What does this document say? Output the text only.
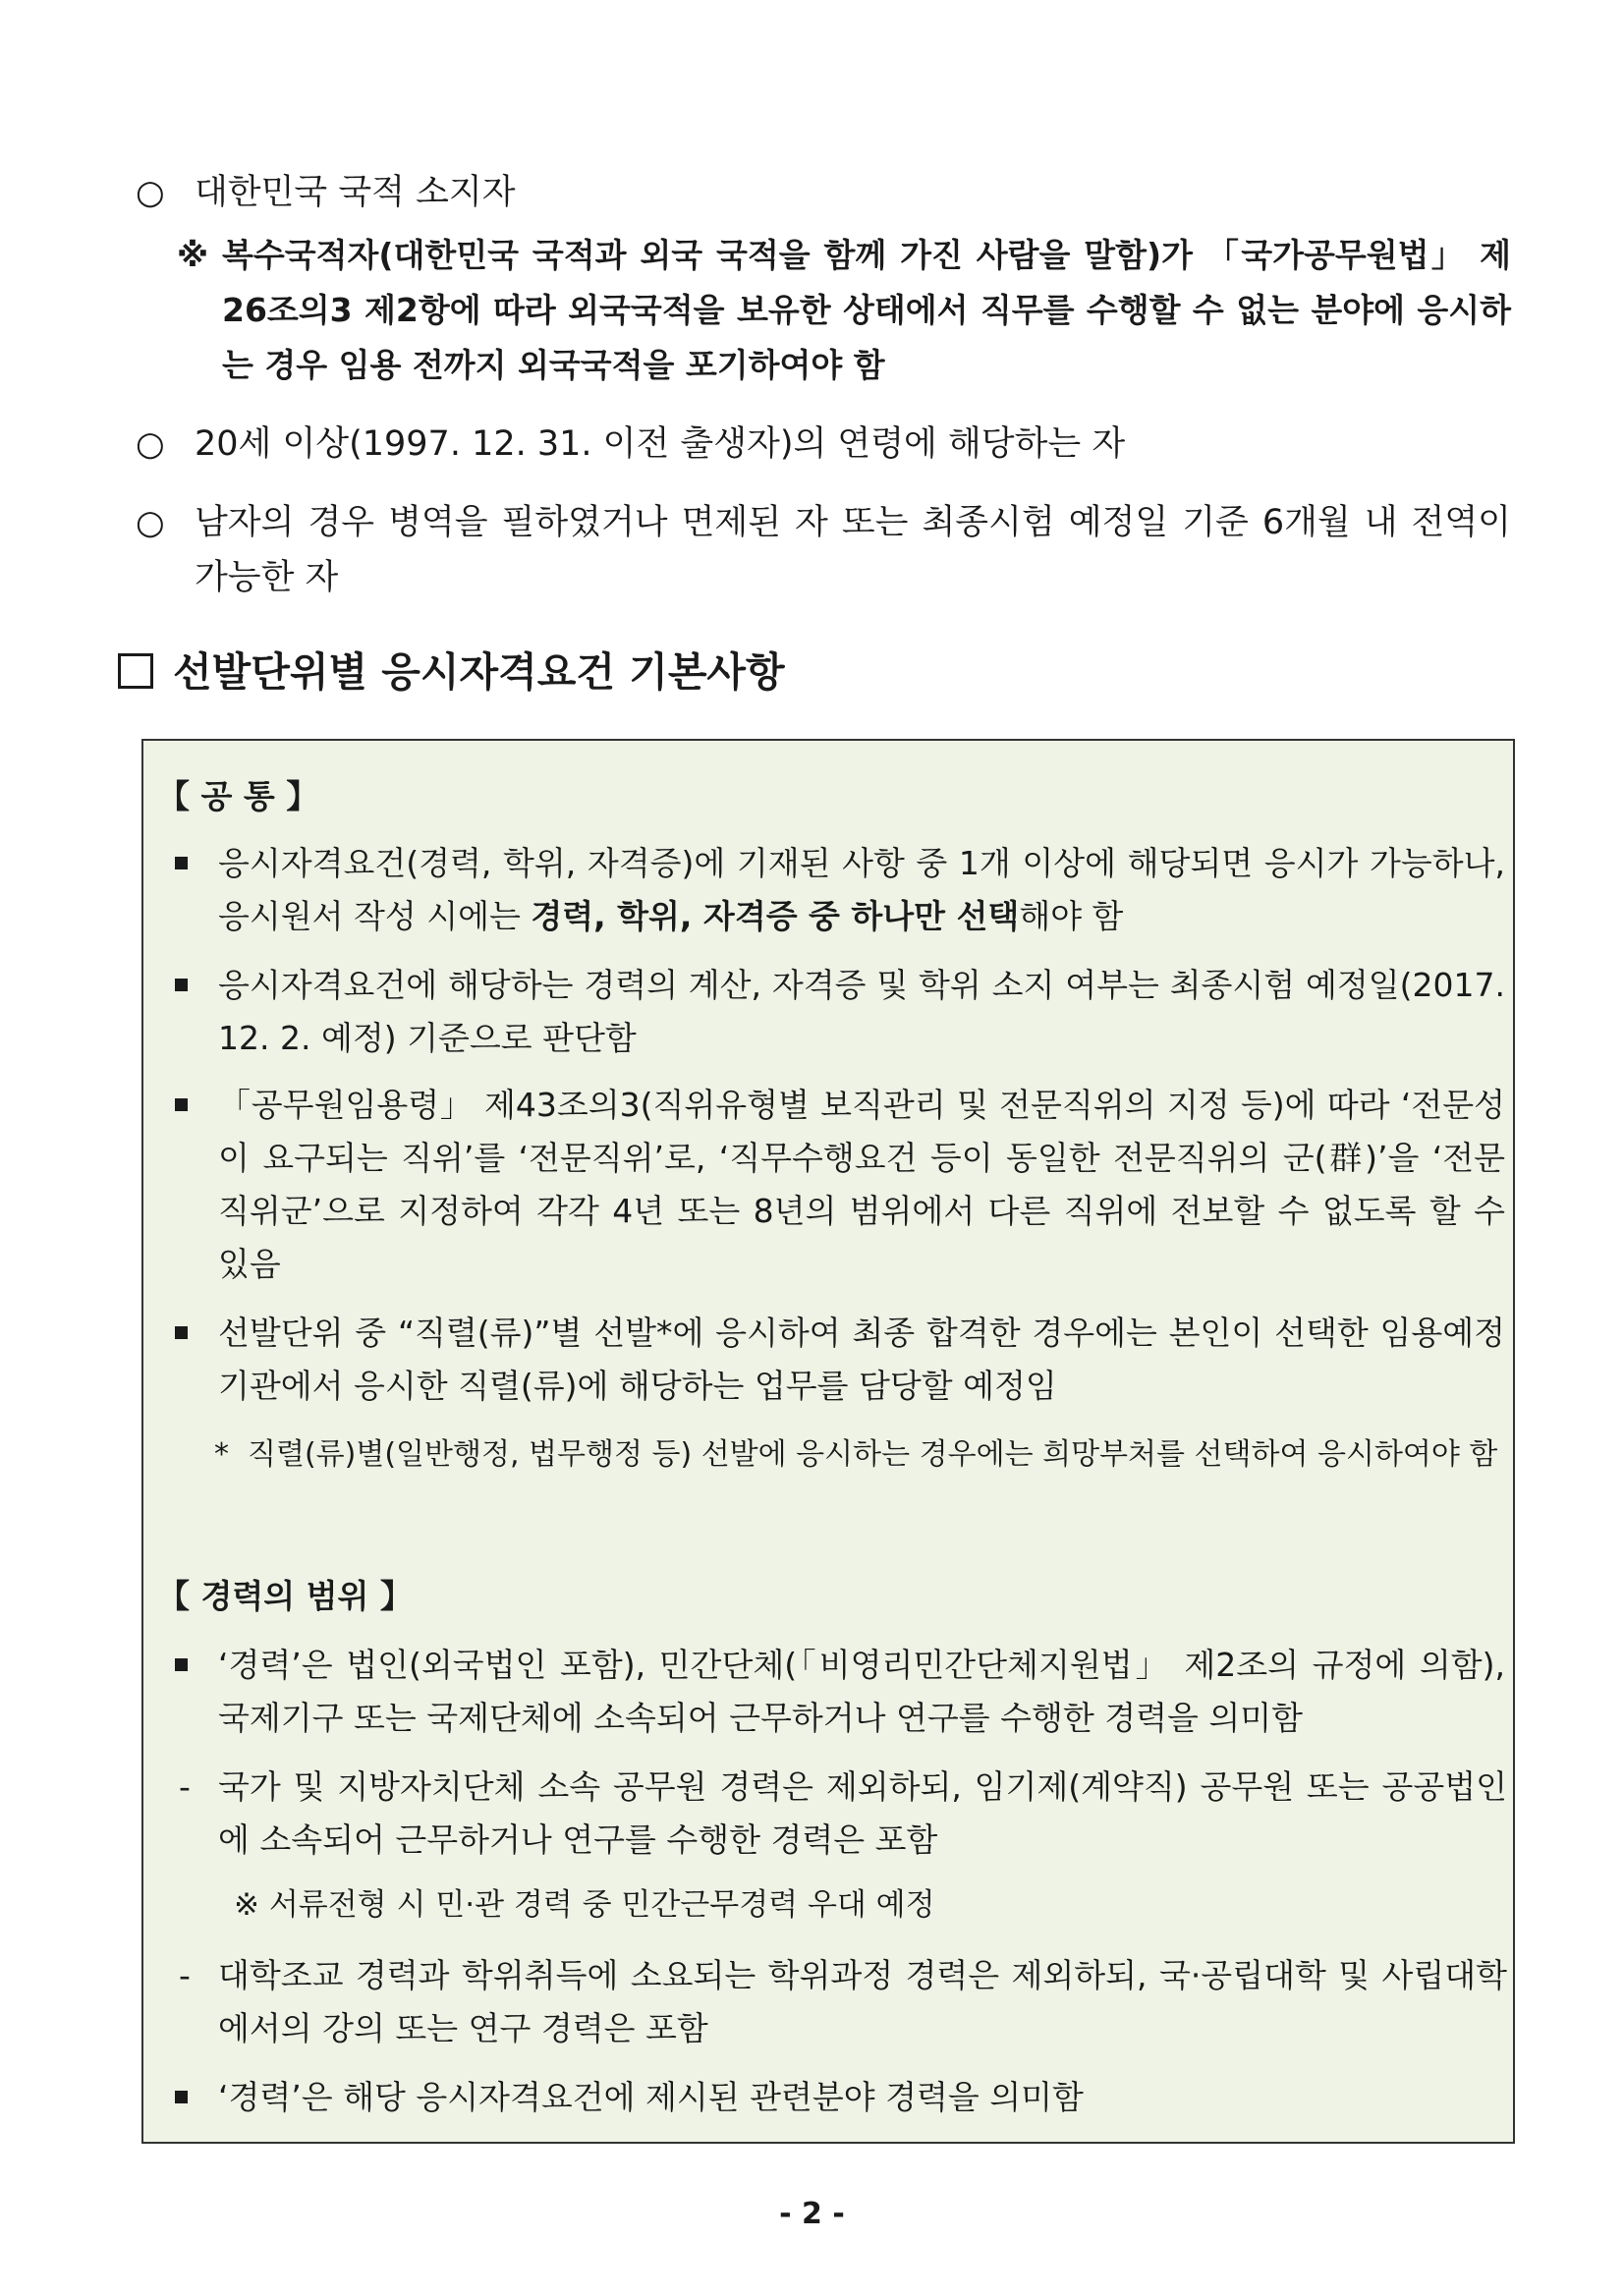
○ 대한민국 국적 소지자
※ 복수국적자(대한민국 국적과 외국 국적을 함께 가진 사람을 말함)가 「국가공무원법」 제26조의3 제2항에 따라 외국국적을 보유한 상태에서 직무를 수행할 수 없는 분야에 응시하는 경우 임용 전까지 외국국적을 포기하여야 함
○ 20세 이상(1997. 12. 31. 이전 출생자)의 연령에 해당하는 자
○ 남자의 경우 병역을 필하였거나 면제된 자 또는 최종시험 예정일 기준 6개월 내 전역이 가능한 자
선발단위별 응시자격요건 기본사항
【 공 통 】
응시자격요건(경력, 학위, 자격증)에 기재된 사항 중 1개 이상에 해당되면 응시가 가능하나, 응시원서 작성 시에는 경력, 학위, 자격증 중 하나만 선택해야 함
응시자격요건에 해당하는 경력의 계산, 자격증 및 학위 소지 여부는 최종시험 예정일(2017. 12. 2. 예정) 기준으로 판단함
「공무원임용령」 제43조의3(직위유형별 보직관리 및 전문직위의 지정 등)에 따라 ‘전문성이 요구되는 직위’를 ‘전문직위’로, ‘직무수행요건 등이 동일한 전문직위의 군(群)’을 ‘전문직위군’으로 지정하여 각각 4년 또는 8년의 범위에서 다른 직위에 전보할 수 없도록 할 수 있음
선발단위 중 “직렬(류)”별 선발*에 응시하여 최종 합격한 경우에는 본인이 선택한 임용예정기관에서 응시한 직렬(류)에 해당하는 업무를 담당할 예정임
* 직렬(류)별(일반행정, 법무행정 등) 선발에 응시하는 경우에는 희망부처를 선택하여 응시하여야 함
【 경력의 범위 】
‘경력’은 법인(외국법인 포함), 민간단체(「비영리민간단체지원법」 제2조의 규정에 의함), 국제기구 또는 국제단체에 소속되어 근무하거나 연구를 수행한 경력을 의미함
- 국가 및 지방자치단체 소속 공무원 경력은 제외하되, 임기제(계약직) 공무원 또는 공공법인에 소속되어 근무하거나 연구를 수행한 경력은 포함
※ 서류전형 시 민·관 경력 중 민간근무경력 우대 예정
- 대학조교 경력과 학위취득에 소요되는 학위과정 경력은 제외하되, 국·공립대학 및 사립대학에서의 강의 또는 연구 경력은 포함
‘경력’은 해당 응시자격요건에 제시된 관련분야 경력을 의미함
- 2 -
